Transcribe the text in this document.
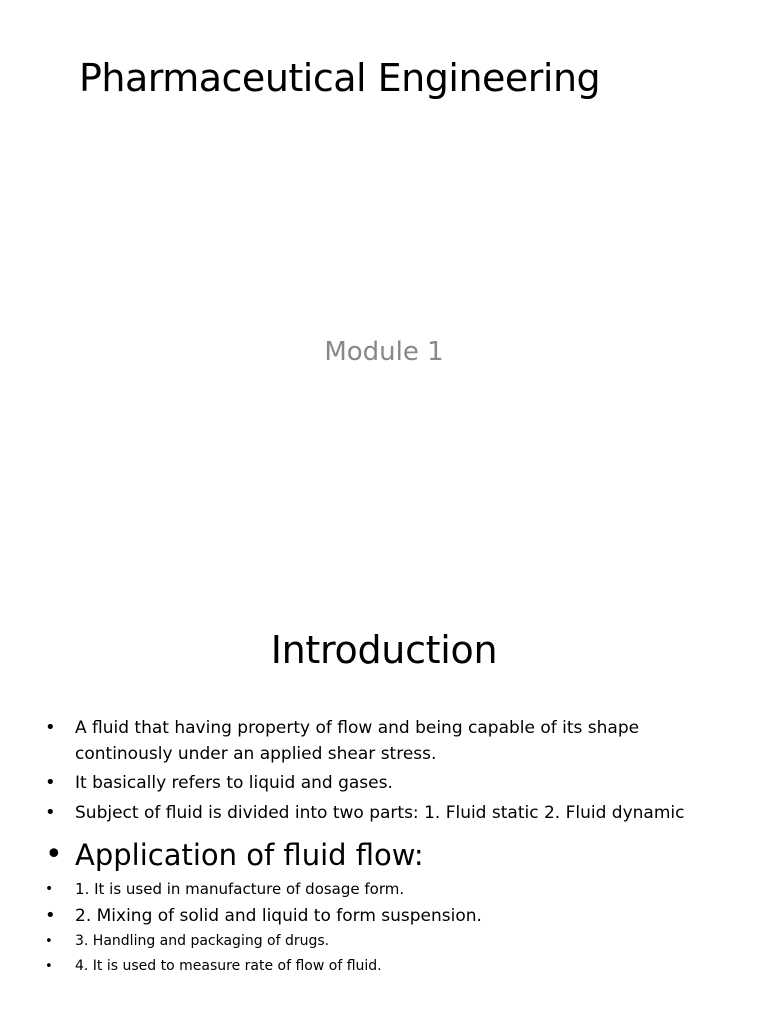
Pharmaceutical Engineering
Module 1
Introduction
•	A fluid that having property of flow and being capable of its shape continously under an applied shear stress.
•	It basically refers to liquid and gases.
•	Subject of fluid is divided into two parts: 1. Fluid static 2. Fluid dynamic
• Application of fluid flow:
•	1. It is used in manufacture of dosage form.
•	2. Mixing of solid and liquid to form suspension.
•	3. Handling and packaging of drugs.
•	4. It is used to measure rate of flow of fluid.
